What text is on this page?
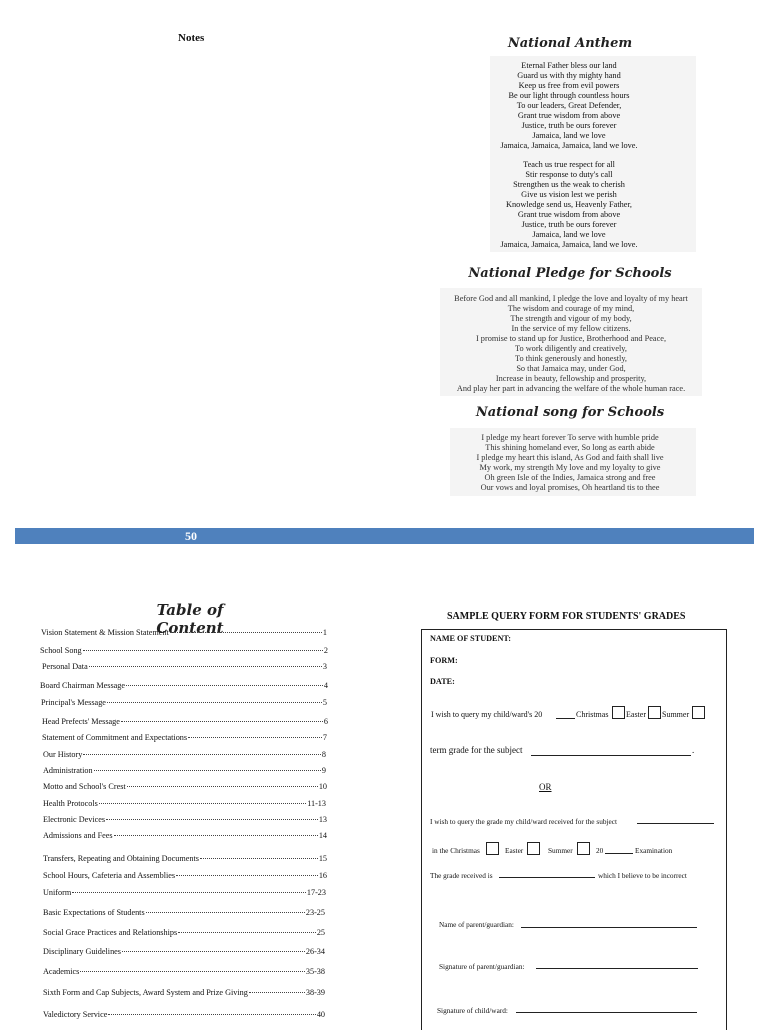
Notes	National Anthem
Eternal Father bless our land
Guard us with thy mighty hand
Keep us free from evil powers
Be our light through countless hours
To our leaders, Great Defender,
Grant true wisdom from above
Justice, truth be ours forever
Jamaica, land we love
Jamaica, Jamaica, Jamaica, land we love.
Teach us true respect for all
Stir response to duty's call
Strengthen us the weak to cherish
Give us vision lest we perish
Knowledge send us, Heavenly Father,
Grant true wisdom from above
Justice, truth be ours forever
Jamaica, land we love
Jamaica, Jamaica, Jamaica, land we love.
National Pledge for Schools
Before God and all mankind, I pledge the love and loyalty of my heart
The wisdom and courage of my mind,
The strength and vigour of my body,
In the service of my fellow citizens.
I promise to stand up for Justice, Brotherhood and Peace,
To work diligently and creatively,
To think generously and honestly,
So that Jamaica may, under God,
Increase in beauty, fellowship and prosperity,
And play her part in advancing the welfare of the whole human race.
National song for Schools
I pledge my heart forever To serve with humble pride
This shining homeland ever, So long as earth abide
I pledge my heart this island, As God and faith shall live
My work, my strength My love and my loyalty to give
Oh green Isle of the Indies, Jamaica strong and free
Our vows and loyal promises, Oh heartland tis to thee
50
Table of Content
Vision Statement & Mission Statement	1
School Song	2
Personal Data	3
Board Chairman Message	4
Principal's Message	5
Head Prefects' Message	6
Statement of Commitment and Expectations	7
Our History	8
Administration	9
Motto and School's Crest	10
Health Protocols	11-13
Electronic Devices	13
Admissions and Fees	14
Transfers, Repeating and Obtaining Documents	15
School Hours, Cafeteria and Assemblies	16
Uniform	17-23
Basic Expectations of Students	23-25
Social Grace Practices and Relationships	25
Disciplinary Guidelines	26-34
Academics	35-38
Sixth Form and Cap Subjects, Award System and Prize Giving	38-39
Valedictory Service	40
SAMPLE QUERY FORM FOR STUDENTS' GRADES
NAME OF STUDENT:
FORM:
DATE:
I wish to query my child/ward's 20	Christmas Easter Summer
term grade for the subject	.
OR
I wish to query the grade my child/ward received for the subject
in the Christmas	Easter	Summer	20	Examination
The grade received is	which I believe to be incorrect
Name of parent/guardian:
Signature of parent/guardian:
Signature of child/ward:
